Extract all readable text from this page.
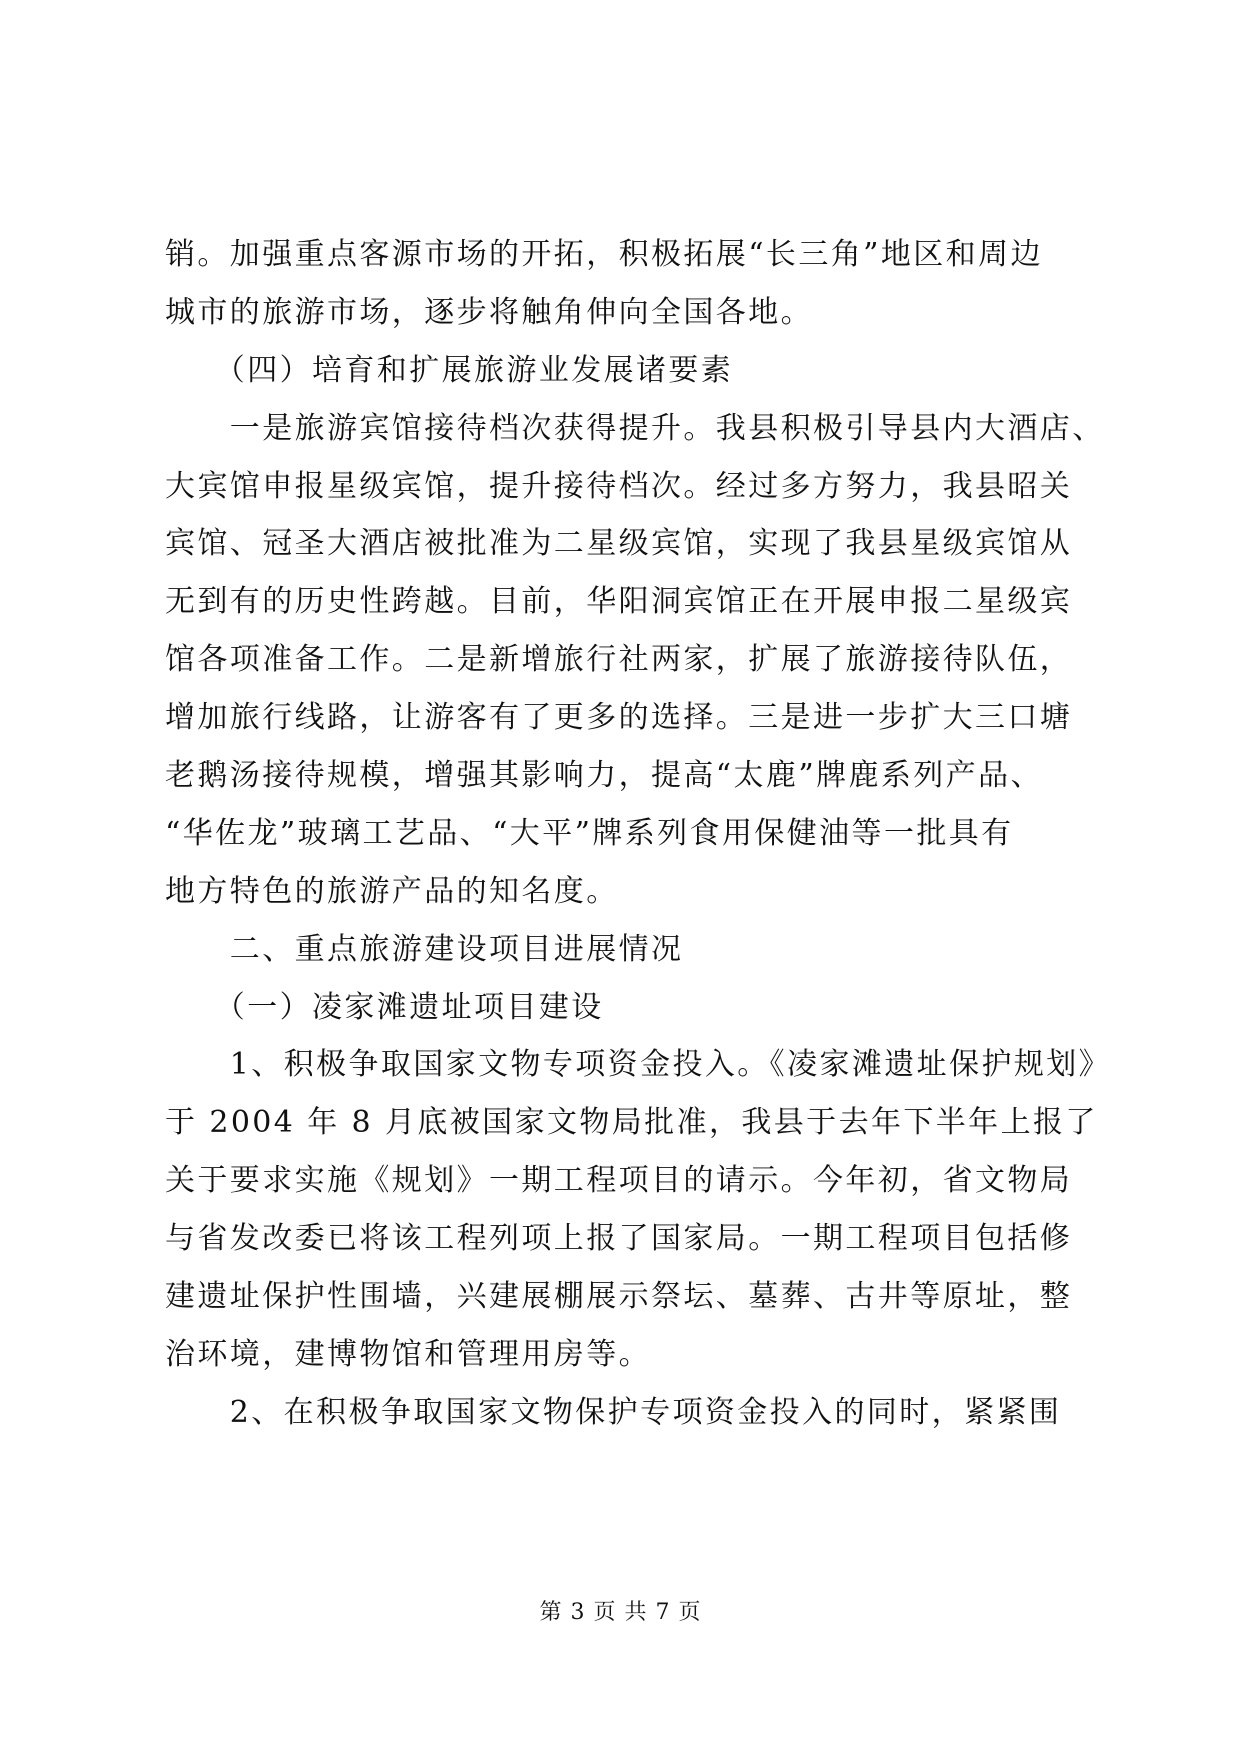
销。加强重点客源市场的开拓，积极拓展“长三角”地区和周边
城市的旅游市场，逐步将触角伸向全国各地。
　　（四）培育和扩展旅游业发展诸要素
　　一是旅游宾馆接待档次获得提升。我县积极引导县内大酒店、
大宾馆申报星级宾馆，提升接待档次。经过多方努力，我县昭关
宾馆、冠圣大酒店被批准为二星级宾馆，实现了我县星级宾馆从
无到有的历史性跨越。目前，华阳洞宾馆正在开展申报二星级宾
馆各项准备工作。二是新增旅行社两家，扩展了旅游接待队伍，
增加旅行线路，让游客有了更多的选择。三是进一步扩大三口塘
老鹅汤接待规模，增强其影响力，提高“太鹿”牌鹿系列产品、
“华佐龙”玻璃工艺品、“大平”牌系列食用保健油等一批具有
地方特色的旅游产品的知名度。
　　二、重点旅游建设项目进展情况
　　（一）凌家滩遗址项目建设
　　1、积极争取国家文物专项资金投入。《凌家滩遗址保护规划》
于 2004 年 8 月底被国家文物局批准，我县于去年下半年上报了
关于要求实施《规划》一期工程项目的请示。今年初，省文物局
与省发改委已将该工程列项上报了国家局。一期工程项目包括修
建遗址保护性围墙，兴建展棚展示祭坛、墓葬、古井等原址，整
治环境，建博物馆和管理用房等。
　　2、在积极争取国家文物保护专项资金投入的同时，紧紧围
第 3 页 共 7 页
